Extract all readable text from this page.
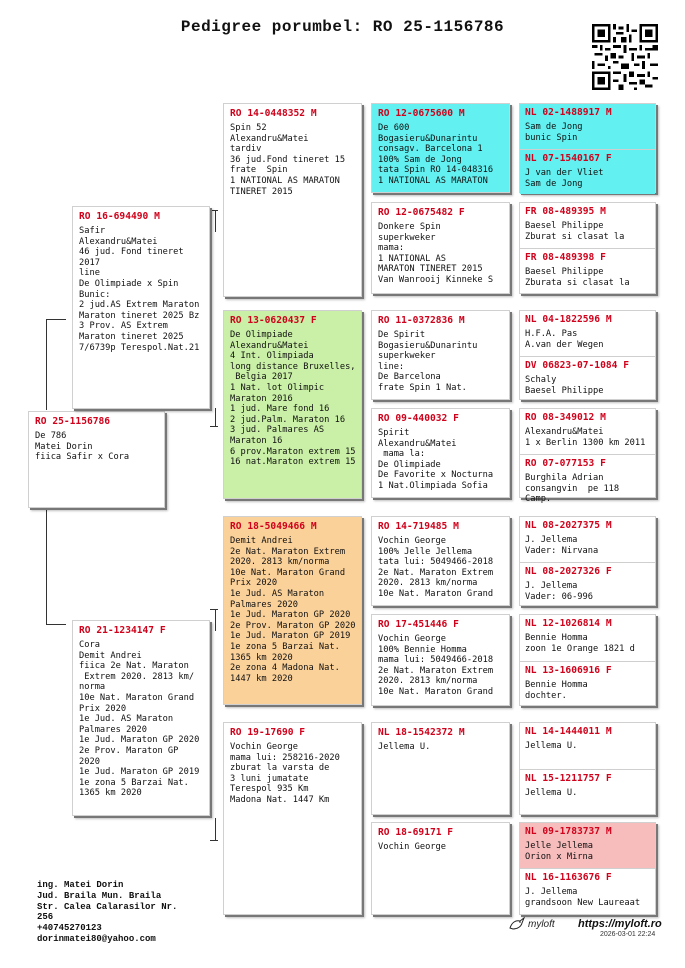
Pedigree porumbel: RO 25-1156786
RO 25-1156786
De 786
Matei Dorin
fiica Safir x Cora
RO 16-694490 M
Safir
Alexandru&Matei
46 jud. Fond tineret 2017
line
De Olimpiade x Spin
Bunic:
2 jud.AS Extrem Maraton
Maraton tineret 2025 Bz
3 Prov. AS Extrem
Maraton tineret 2025
7/6739p Terespol.Nat.21
RO 21-1234147 F
Cora
Demit Andrei
fiica 2e Nat. Maraton
Extrem 2020. 2813 km/
norma
10e Nat. Maraton Grand
Prix 2020
1e Jud. AS Maraton
Palmares 2020
1e Jud. Maraton GP 2020
2e Prov. Maraton GP 2020
1e Jud. Maraton GP 2019
1e zona 5 Barzai Nat.
1365 km 2020
RO 14-0448352 M
Spin 52
Alexandru&Matei
tardiv
36 jud.Fond tineret 15
frate  Spin
1 NATIONAL AS MARATON
TINERET 2015
RO 13-0620437 F
De Olimpiade
Alexandru&Matei
4 Int. Olimpiada
long distance Bruxelles,
Belgia 2017
1 Nat. lot Olimpic
Maraton 2016
1 jud. Mare fond 16
2 jud.Palm. Maraton 16
3 jud. Palmares AS
Maraton 16
6 prov.Maraton extrem 15
16 nat.Maraton extrem 15
RO 18-5049466 M
Demit Andrei
2e Nat. Maraton Extrem
2020. 2813 km/norma
10e Nat. Maraton Grand
Prix 2020
1e Jud. AS Maraton
Palmares 2020
1e Jud. Maraton GP 2020
2e Prov. Maraton GP 2020
1e Jud. Maraton GP 2019
1e zona 5 Barzai Nat.
1365 km 2020
2e zona 4 Madona Nat.
1447 km 2020
RO 19-17690 F
Vochin George
mama lui: 258216-2020
zburat la varsta de
3 luni jumatate
Terespol 935 Km
Madona Nat. 1447 Km
RO 12-0675600 M
De 600
Bogasieru&Dunarintu
consagv. Barcelona 1
100% Sam de Jong
tata Spin RO 14-048316
1 NATIONAL AS MARATON
RO 12-0675482 F
Donkere Spin
superkweker
mama:
1 NATIONAL AS
MARATON TINERET 2015
Van Wanrooij Kinneke S
RO 11-0372836 M
De Spirit
Bogasieru&Dunarintu
superkweker
line:
De Barcelona
frate Spin 1 Nat.
RO 09-440032 F
Spirit
Alexandru&Matei
mama la:
De Olimpiade
De Favorite x Nocturna
1 Nat.Olimpiada Sofia
RO 14-719485 M
Vochin George
100% Jelle Jellema
tata lui: 5049466-2018
2e Nat. Maraton Extrem
2020. 2813 km/norma
10e Nat. Maraton Grand
RO 17-451446 F
Vochin George
100% Bennie Homma
mama lui: 5049466-2018
2e Nat. Maraton Extrem
2020. 2813 km/norma
10e Nat. Maraton Grand
NL 18-1542372 M
Jellema U.
RO 18-69171 F
Vochin George
NL 02-1488917 M
Sam de Jong
bunic Spin
NL 07-1540167 F
J van der Vliet
Sam de Jong
FR 08-489395 M
Baesel Philippe
Zburat si clasat la
FR 08-489398 F
Baesel Philippe
Zburata si clasat la
NL 04-1822596 M
H.F.A. Pas
A.van der Wegen
DV 06823-07-1084 F
Schaly
Baesel Philippe
RO 08-349012 M
Alexandru&Matei
1 x Berlin 1300 km 2011
RO 07-077153 F
Burghila Adrian
consangvin  pe 118 Camp.
NL 08-2027375 M
J. Jellema
Vader: Nirvana
NL 08-2027326 F
J. Jellema
Vader: 06-996
NL 12-1026814 M
Bennie Homma
zoon 1e Orange 1821 d
NL 13-1606916 F
Bennie Homma
dochter.
NL 14-1444011 M
Jellema U.
NL 15-1211757 F
Jellema U.
NL 09-1783737 M
Jelle Jellema
Orion x Mirna
NL 16-1163676 F
J. Jellema
grandsoon New Laureaat
ing. Matei Dorin
Jud. Braila Mun. Braila
Str. Calea Calarasilor Nr.
256
+40745270123
dorinmatei80@yahoo.com
myloft https://myloft.ro
2026-03-01 22:24
